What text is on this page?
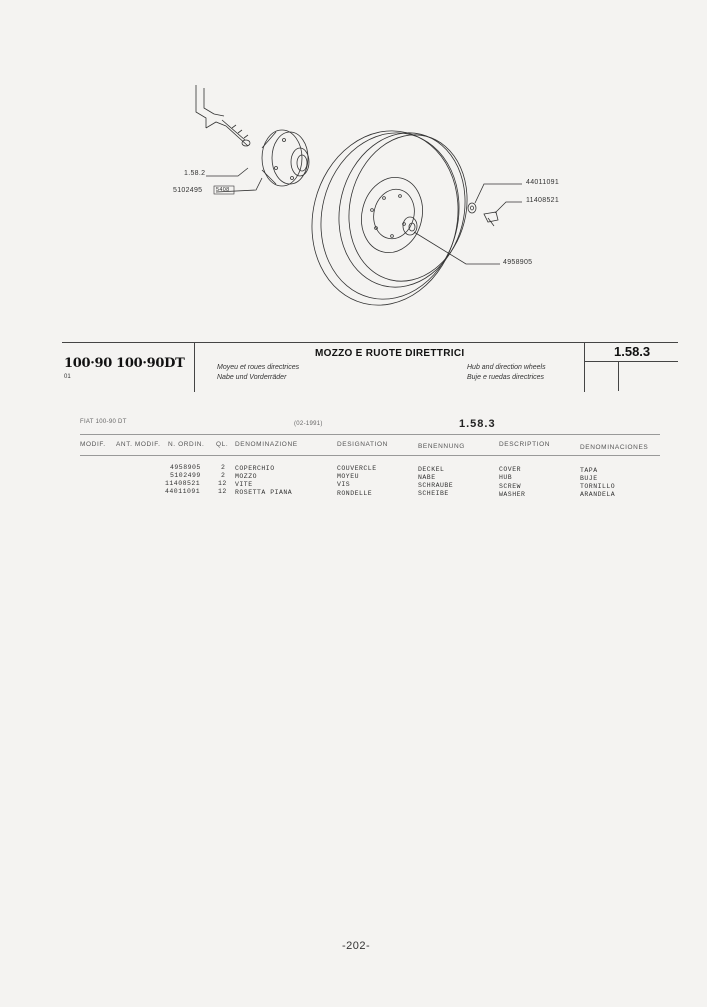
1.58.2
5102495 5408
44011091
11408521
4958905
100·90 100·90DT
01
MOZZO E RUOTE DIRETTRICI
Moyeu et roues directrices
Nabe und Vorderräder
Hub and direction wheels
Buje e ruedas directrices
1.58.3
FIAT 100-90 DT	(02-1991)	1.58.3
MODIF. ANT. MODIF. N. ORDIN. QL. DENOMINAZIONE	DESIGNATION	BENENNUNG	DESCRIPTION	DENOMINACIONES
4958905	2 COPERCHIO	COUVERCLE	DECKEL	COVER	TAPA
5102499	2 MOZZO	MOYEU	NABE	HUB	BUJE
11408521	12 VITE	VIS	SCHRAUBE	SCREW	TORNILLO
44011091	12 ROSETTA PIANA	RONDELLE	SCHEIBE	WASHER	ARANDELA
-202-
